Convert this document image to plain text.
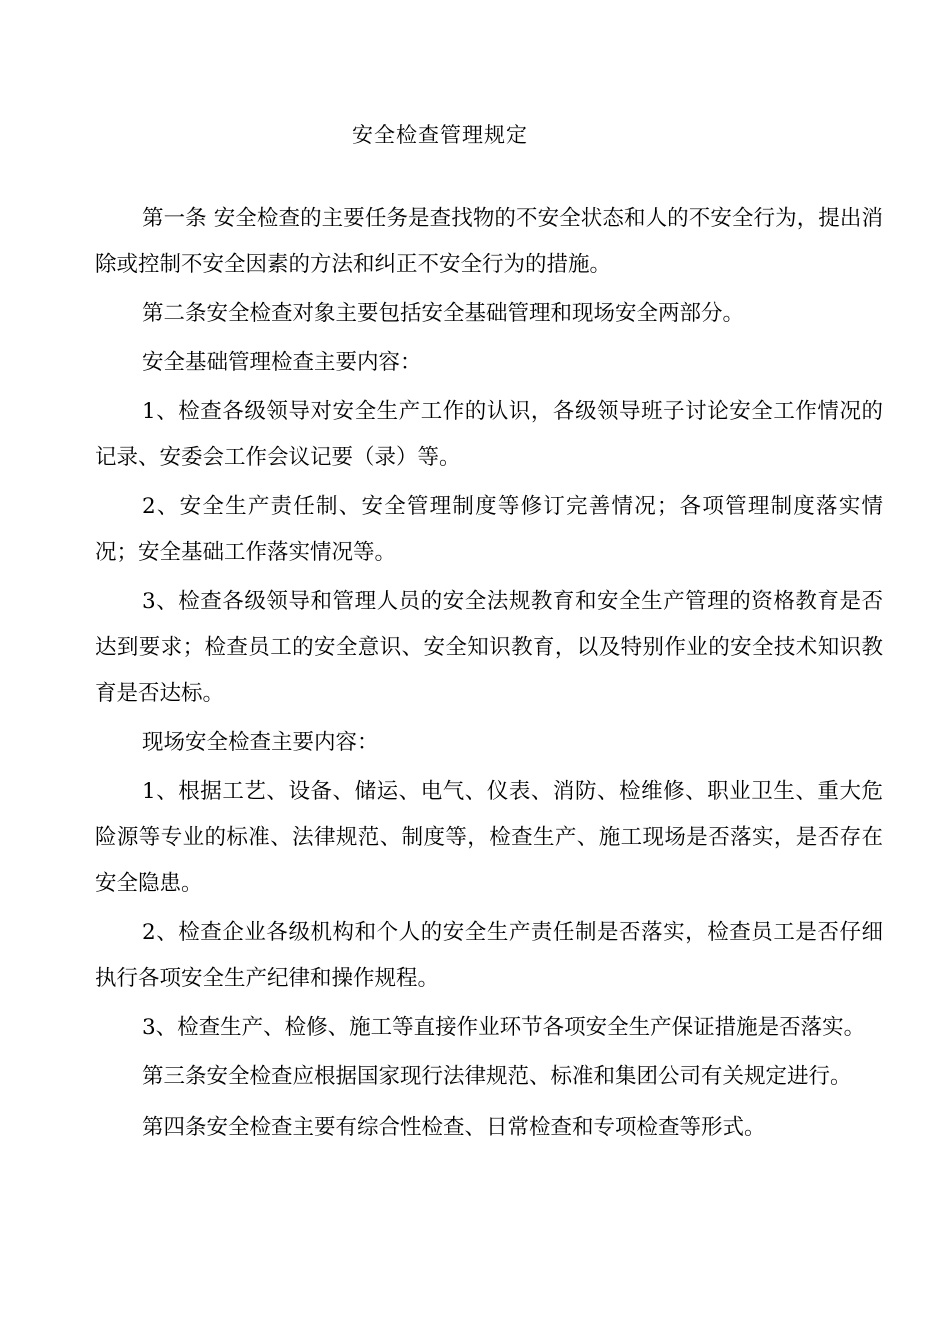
安全检查管理规定

第一条 安全检查的主要任务是查找物的不安全状态和人的不安全行为，提出消除或控制不安全因素的方法和纠正不安全行为的措施。

第二条安全检查对象主要包括安全基础管理和现场安全两部分。

安全基础管理检查主要内容：

1、检查各级领导对安全生产工作的认识，各级领导班子讨论安全工作情况的记录、安委会工作会议记要（录）等。

2、安全生产责任制、安全管理制度等修订完善情况；各项管理制度落实情况；安全基础工作落实情况等。

3、检查各级领导和管理人员的安全法规教育和安全生产管理的资格教育是否达到要求；检查员工的安全意识、安全知识教育，以及特别作业的安全技术知识教育是否达标。

现场安全检查主要内容：

1、根据工艺、设备、储运、电气、仪表、消防、检维修、职业卫生、重大危险源等专业的标准、法律规范、制度等，检查生产、施工现场是否落实，是否存在安全隐患。

2、检查企业各级机构和个人的安全生产责任制是否落实，检查员工是否仔细执行各项安全生产纪律和操作规程。

3、检查生产、检修、施工等直接作业环节各项安全生产保证措施是否落实。

第三条安全检查应根据国家现行法律规范、标准和集团公司有关规定进行。

第四条安全检查主要有综合性检查、日常检查和专项检查等形式。
